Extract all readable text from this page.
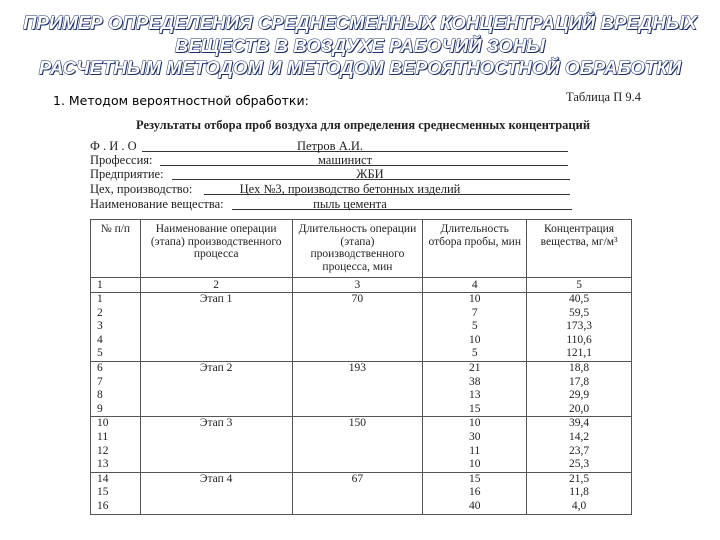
ПРИМЕР ОПРЕДЕЛЕНИЯ СРЕДНЕСМЕННЫХ КОНЦЕНТРАЦИЙ ВРЕДНЫХ
ВЕЩЕСТВ В ВОЗДУХЕ РАБОЧИЙ ЗОНЫ
РАСЧЕТНЫМ МЕТОДОМ И МЕТОДОМ ВЕРОЯТНОСТНОЙ ОБРАБОТКИ
1. Методом вероятностной обработки:	Таблица П 9.4
Результаты отбора проб воздуха для определения среднесменных концентраций
Ф . И . О	Петров А.И.
Профессия:	машинист
Предприятие:	ЖБИ
Цех, производство:	Цех №3, производство бетонных изделий
Наименование вещества:	пыль цемента
№ п/п	Наименование операции (этапа) производственного процесса	Длительность операции (этапа) производственного процесса, мин	Длительность отбора пробы, мин	Концентрация вещества, мг/м³
1	2	3	4	5
1	Этап 1	70	10	40,5
2			7	59,5
3			5	173,3
4			10	110,6
5			5	121,1
6	Этап 2	193	21	18,8
7			38	17,8
8			13	29,9
9			15	20,0
10	Этап 3	150	10	39,4
11			30	14,2
12			11	23,7
13			10	25,3
14	Этап 4	67	15	21,5
15			16	11,8
16			40	4,0
